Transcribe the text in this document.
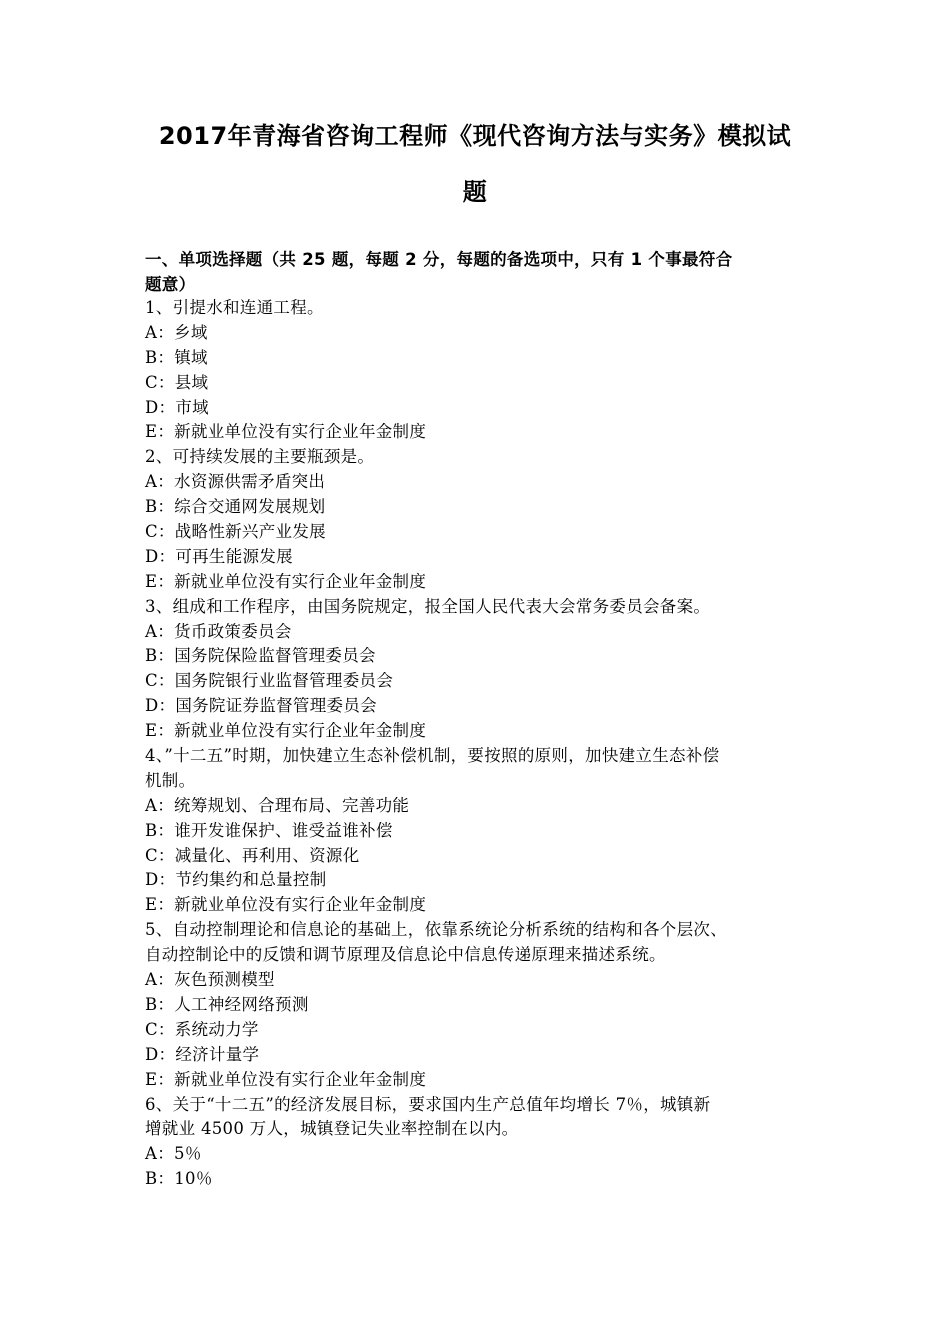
2017年青海省咨询工程师《现代咨询方法与实务》模拟试
题
一、单项选择题（共 25 题，每题 2 分，每题的备选项中，只有 1 个事最符合
题意）
1、引提水和连通工程。
A：乡域
B：镇域
C：县域
D：市域
E：新就业单位没有实行企业年金制度
2、可持续发展的主要瓶颈是。
A：水资源供需矛盾突出
B：综合交通网发展规划
C：战略性新兴产业发展
D：可再生能源发展
E：新就业单位没有实行企业年金制度
3、组成和工作程序，由国务院规定，报全国人民代表大会常务委员会备案。
A：货币政策委员会
B：国务院保险监督管理委员会
C：国务院银行业监督管理委员会
D：国务院证券监督管理委员会
E：新就业单位没有实行企业年金制度
4、”十二五”时期，加快建立生态补偿机制，要按照的原则，加快建立生态补偿
机制。
A：统筹规划、合理布局、完善功能
B：谁开发谁保护、谁受益谁补偿
C：减量化、再利用、资源化
D：节约集约和总量控制
E：新就业单位没有实行企业年金制度
5、自动控制理论和信息论的基础上，依靠系统论分析系统的结构和各个层次、
自动控制论中的反馈和调节原理及信息论中信息传递原理来描述系统。
A：灰色预测模型
B：人工神经网络预测
C：系统动力学
D：经济计量学
E：新就业单位没有实行企业年金制度
6、关于“十二五”的经济发展目标，要求国内生产总值年均增长 7％，城镇新
增就业 4500 万人，城镇登记失业率控制在以内。
A：5％
B：10％
